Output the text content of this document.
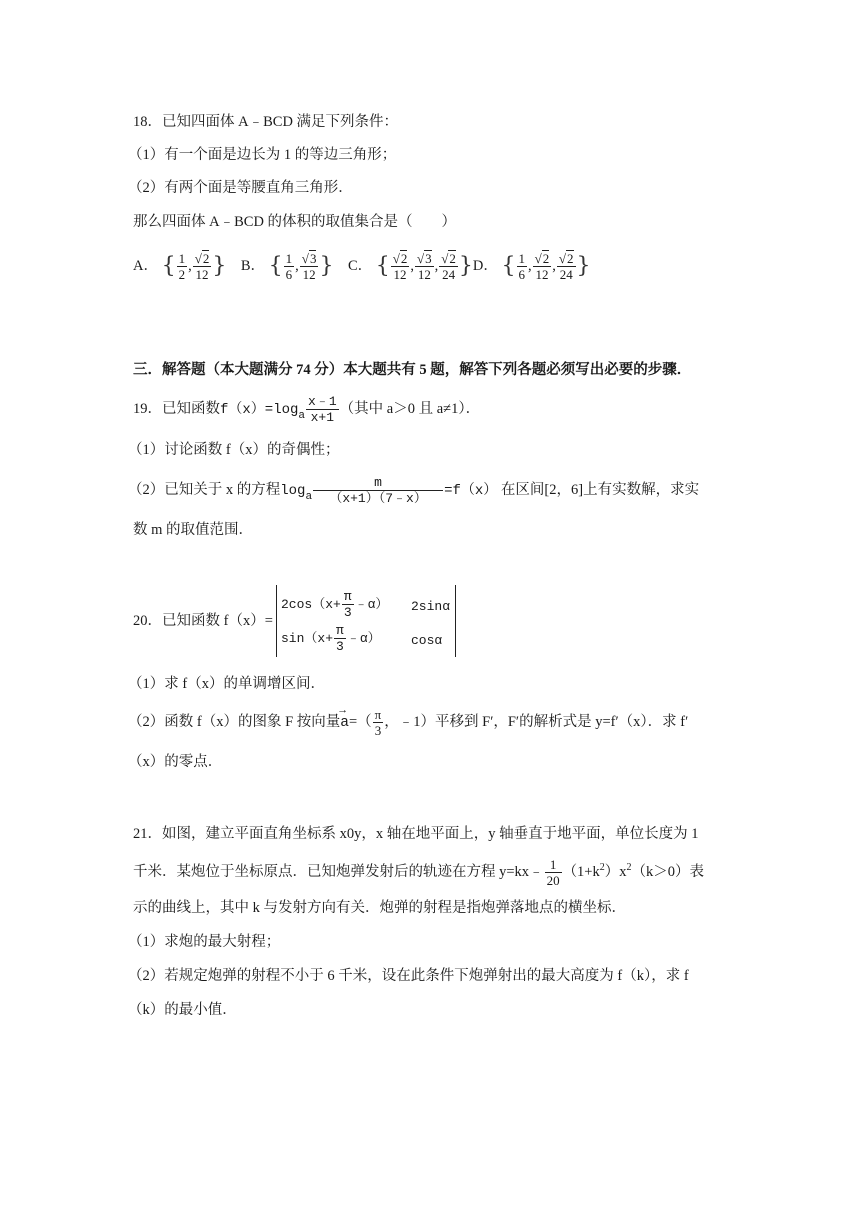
18．已知四面体 A﹣BCD 满足下列条件：
（1）有一个面是边长为 1 的等边三角形；
（2）有两个面是等腰直角三角形．
那么四面体 A﹣BCD 的体积的取值集合是（　　）
A． { $\frac{1}{2}$ , $\frac{√2}{12}$ } B． { $\frac{1}{6}$ , $\frac{√3}{12}$ } C． { $\frac{√2}{12}$ , $\frac{√3}{12}$ , $\frac{√2}{24} \}D$． { $\frac{1}{6}$ , $\frac{√2}{12}$ , $\frac{√2}{24}$ }
三．解答题（本大题满分 74 分）本大题共有 5 题，解答下列各题必须写出必要的步骤．
19．已知函数$f(x)=\log_a \frac{x﹣1}{x+1}$ （其中 a＞0 且 a≠1）．
（1）讨论函数 f（x）的奇偶性；
（2）已知关于 x 的方程$\log_a \frac{m}{(x+1)(7﹣x)} =f(x)$ 在区间[2，6]上有实数解，求实
数 m 的取值范围．
20．已知函数 f（x）=
$2\cos(x+ \frac{\pi}{3}$ ﹣α） 2sinα
$\sin(x+ \frac{\pi}{3}$ ﹣α） cosα
（1）求 f（x）的单调增区间．
（2）函数 f（x）的图象 F 按向量→ $a=( \frac{\pi}{3}$ ，﹣1）平移到 F′，F′的解析式是 y=f′（x）．求 f′
（x）的零点．
21．如图，建立平面直角坐标系 x0y，x 轴在地平面上，y 轴垂直于地平面，单位长度为 1
千米．某炮位于坐标原点．已知炮弹发射后的轨迹在方程 y=kx﹣ $\frac{1}{20} (1+k^2)x^2(k>0)$表
示的曲线上，其中 k 与发射方向有关．炮弹的射程是指炮弹落地点的横坐标．
（1）求炮的最大射程；
（2）若规定炮弹的射程不小于 6 千米，设在此条件下炮弹射出的最大高度为 f（k），求 f
（k）的最小值．
